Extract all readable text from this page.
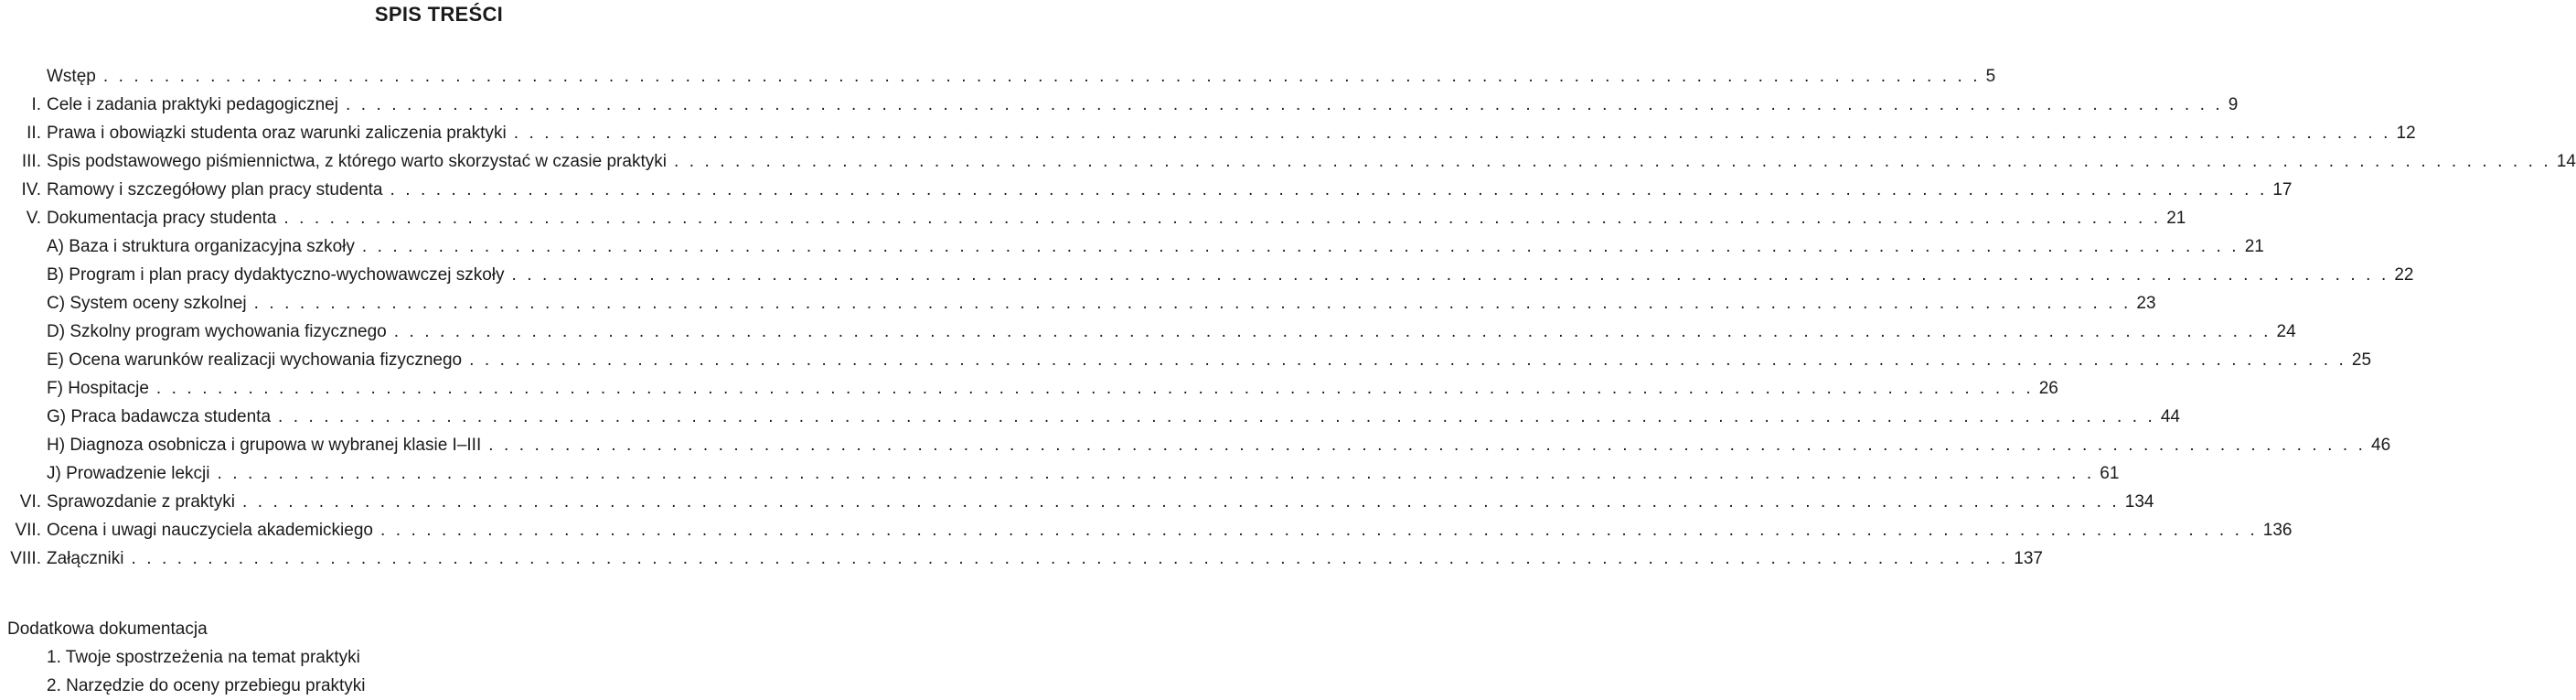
SPIS TREŚCI
Wstęp . . . . . . . . . . . . . . . . . . . . . . . . . . . . . . . . . . . . . . . . . . . . . . . . . . . . . . . . . . . . . . . . . . . . . . . . . . . . . . . . . . . . . . . . . . . . . . . . . . . . . . . . . . . . . . . . . . . . . . . . . . . 5
I. Cele i zadania praktyki pedagogicznej . . . . . . . . . . . . . . . . . . . . . . . . . . . . . . . . . . . . . . . . . . . . . . . . . . . . . . . . . . . . . . . . . . . . . . . . . . . . . . . . . . . . . . . . . . . . . . . . . . . . . . . . . . . . . . . . . . . . . . . . . . . 9
II. Prawa i obowiązki studenta oraz warunki zaliczenia praktyki . . . . . . . . . . . . . . . . . . . . . . . . . . . . . . . . . . . . . . . . . . . . . . . . . . . . . . . . . . . . . . . . . . . . . . . . . . . . . . . . . . . . . . . . . . . . . . . . . . . . . . . . . . . . . . . . . . . . . . . . . . . 12
III. Spis podstawowego piśmiennictwa, z którego warto skorzystać w czasie praktyki . . . . . . . . . . . . . . . . . . . . . . . . . . . . . . . . . . . . . . . . . . . . . . . . . . . . . . . . . . . . . . . . . . . . . . . . . . . . . . . . . . . . . . . . . . . . . . . . . . . . . . . . . . . . . . . . . . . . . . . . . . . 14
IV. Ramowy i szczegółowy plan pracy studenta . . . . . . . . . . . . . . . . . . . . . . . . . . . . . . . . . . . . . . . . . . . . . . . . . . . . . . . . . . . . . . . . . . . . . . . . . . . . . . . . . . . . . . . . . . . . . . . . . . . . . . . . . . . . . . . . . . . . . . . . . . . 17
V. Dokumentacja pracy studenta . . . . . . . . . . . . . . . . . . . . . . . . . . . . . . . . . . . . . . . . . . . . . . . . . . . . . . . . . . . . . . . . . . . . . . . . . . . . . . . . . . . . . . . . . . . . . . . . . . . . . . . . . . . . . . . . . . . . . . . . . . . 21
A) Baza i struktura organizacyjna szkoły . . . . . . . . . . . . . . . . . . . . . . . . . . . . . . . . . . . . . . . . . . . . . . . . . . . . . . . . . . . . . . . . . . . . . . . . . . . . . . . . . . . . . . . . . . . . . . . . . . . . . . . . . . . . . . . . . . . . . . . . . . . 21
B) Program i plan pracy dydaktyczno-wychowawczej szkoły . . . . . . . . . . . . . . . . . . . . . . . . . . . . . . . . . . . . . . . . . . . . . . . . . . . . . . . . . . . . . . . . . . . . . . . . . . . . . . . . . . . . . . . . . . . . . . . . . . . . . . . . . . . . . . . . . . . . . . . . . . . 22
C) System oceny szkolnej . . . . . . . . . . . . . . . . . . . . . . . . . . . . . . . . . . . . . . . . . . . . . . . . . . . . . . . . . . . . . . . . . . . . . . . . . . . . . . . . . . . . . . . . . . . . . . . . . . . . . . . . . . . . . . . . . . . . . . . . . . . 23
D) Szkolny program wychowania fizycznego . . . . . . . . . . . . . . . . . . . . . . . . . . . . . . . . . . . . . . . . . . . . . . . . . . . . . . . . . . . . . . . . . . . . . . . . . . . . . . . . . . . . . . . . . . . . . . . . . . . . . . . . . . . . . . . . . . . . . . . . . . . 24
E) Ocena warunków realizacji wychowania fizycznego . . . . . . . . . . . . . . . . . . . . . . . . . . . . . . . . . . . . . . . . . . . . . . . . . . . . . . . . . . . . . . . . . . . . . . . . . . . . . . . . . . . . . . . . . . . . . . . . . . . . . . . . . . . . . . . . . . . . . . . . . . . 25
F) Hospitacje . . . . . . . . . . . . . . . . . . . . . . . . . . . . . . . . . . . . . . . . . . . . . . . . . . . . . . . . . . . . . . . . . . . . . . . . . . . . . . . . . . . . . . . . . . . . . . . . . . . . . . . . . . . . . . . . . . . . . . . . . . . 26
G) Praca badawcza studenta . . . . . . . . . . . . . . . . . . . . . . . . . . . . . . . . . . . . . . . . . . . . . . . . . . . . . . . . . . . . . . . . . . . . . . . . . . . . . . . . . . . . . . . . . . . . . . . . . . . . . . . . . . . . . . . . . . . . . . . . . . . 44
H) Diagnoza osobnicza i grupowa w wybranej klasie I–III . . . . . . . . . . . . . . . . . . . . . . . . . . . . . . . . . . . . . . . . . . . . . . . . . . . . . . . . . . . . . . . . . . . . . . . . . . . . . . . . . . . . . . . . . . . . . . . . . . . . . . . . . . . . . . . . . . . . . . . . . . . 46
J) Prowadzenie lekcji . . . . . . . . . . . . . . . . . . . . . . . . . . . . . . . . . . . . . . . . . . . . . . . . . . . . . . . . . . . . . . . . . . . . . . . . . . . . . . . . . . . . . . . . . . . . . . . . . . . . . . . . . . . . . . . . . . . . . . . . . . . 61
VI. Sprawozdanie z praktyki . . . . . . . . . . . . . . . . . . . . . . . . . . . . . . . . . . . . . . . . . . . . . . . . . . . . . . . . . . . . . . . . . . . . . . . . . . . . . . . . . . . . . . . . . . . . . . . . . . . . . . . . . . . . . . . . . . . . . . . . . . . 134
VII. Ocena i uwagi nauczyciela akademickiego . . . . . . . . . . . . . . . . . . . . . . . . . . . . . . . . . . . . . . . . . . . . . . . . . . . . . . . . . . . . . . . . . . . . . . . . . . . . . . . . . . . . . . . . . . . . . . . . . . . . . . . . . . . . . . . . . . . . . . . . . . . 136
VIII. Załączniki . . . . . . . . . . . . . . . . . . . . . . . . . . . . . . . . . . . . . . . . . . . . . . . . . . . . . . . . . . . . . . . . . . . . . . . . . . . . . . . . . . . . . . . . . . . . . . . . . . . . . . . . . . . . . . . . . . . . . . . . . . . 137
Dodatkowa dokumentacja
1. Twoje spostrzeżenia na temat praktyki
2. Narzędzie do oceny przebiegu praktyki
